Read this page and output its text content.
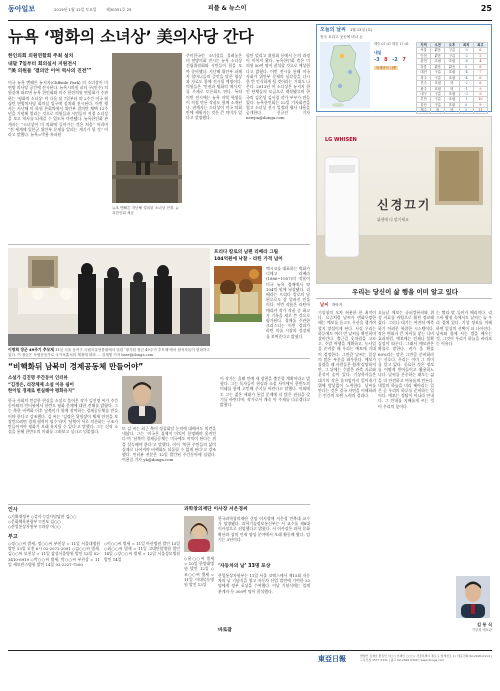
동아일보	2019년 1월 12일 토요일 제30351호 25	피플 & 뉴스이	25
뉴욕 ‘평화의 소녀상’ 美의사당 간다
한인의회 의원연합회 주최 설치
내달 7일부터 회의실서 지원전시
“美 의원들 ‘결의안 이어 역사의 진전’”
미국 뉴욕 맨해튼 뉴저지(Cliffside Park) 의 소녀상이 미 연방 의사당 공간에 전시된다. 뉴욕시의원 피터 구(민주) 의원실에 따르면 뉴욕 한인회와 미주 한인의원 연합회가 주관하는 ‘평화의 소녀상’ 이 다음 달 7일부터 약 2주간 미국 워싱턴 연방의사당 회의실 입구에 설치돼 전시된다. 이번 행사는 지난해 미 하원 본회의에서 위안부 결의안 채택 12주년을 기념해 열리는 것으로 의원들과 시민들이 직접 소녀상을 보고 역사를 되새길 수 있도록 마련됐다. 뉴욕한인회 관계자는 “소녀상이 미 의회에 들어가는 것은 처음” 이라며 “전 세계에 일본군 위안부 문제를 알리는 계기가 될 것” 이라고 말했다. 뉴욕=박용 특파원
뉴욕 맨해튼 지난해 설치된 소녀상 전경. 뉴욕한인회 제공
주미한국인 소녀상을 올려놓은 미 연방의회 전시는 뉴욕 소녀상 건립위원회와 시민들이 힘을 모아 준비했다. 지난해 위안부 피해자 할머니들의 증언을 담은 영상과 자료도 함께 전시될 예정이다. 의원들은 ‘인권과 평화의 메시지’ 를 주제로 토론회도 연다. 특히 이번 전시에는 뉴욕 지역 학생들이 직접 만든 작품도 함께 소개된다. 관계자는 소녀상이 미국 의회 안에 세워지는 것은 큰 의미가 있다고 설명했다.
될만 밀리고 위원회 등에서 논의 과정이 이어져 왔다. 뉴욕한인회 측은 미 의원 50여 명이 참석할 것으로 예상한다고 밝혔다. 이번 전시를 통해 미국 사회가 위안부 문제의 심각성을 다시 한 번 인식하게 될 것이라는 기대도 나온다. 2013년 이 소녀상은 뉴저지 한인 단체들의 모금으로 제작됐으며 한국의 김운성 김서경 작가 부부가 만들었다. 뉴욕한인회는 12일 기자회견을 열고 소녀상 전시 일정과 행사 내용을 공개한다. 신규진 기자 newjin@donga.com
이명희 장군 49주기 추모제 11일 서울 동작구 국립서울현충원에서 열린 ‘평가원 장군 49주기 추모제’에서 참석자들이 헌화하고 있다. 이 장군은 독립운동가로 국가보훈처의 제정에 따라 … 김재명 기자 base@donga.com
프리다 칼로의 남편 리베라 그림
104억원에 낙찰 – 라틴 가격 넘어
멕시코를 대표하는 벽화가 디에고 리베라(1886∼1957)의 작품이 미국 뉴욕 경매에서 약 104억 원에 낙찰됐다. 리베라는 프리다 칼로의 남편으로도 잘 알려진 인물이다. 이번 작품은 라틴아메리카 작가 작품 중 최고가 기록을 새로 쓴 것으로 평가된다. 경매를 주관한 크리스티는 이번 결과가 라틴 미술 시장의 성장세를 보여준다고 밝혔다.
“비핵화뒤 남북미 경제공동체 만들어야”
소설가 김진명 주간동이 인터뷰
“김정은, 리장체제 소설 이용 쉽어
한이일 경제로 변실해야 평화유지”
한국 사회의 민감한 현실을 소설로 풀어온 작가 김진명 씨가 주간동아와의 인터뷰에서 한반도 평화 문제에 대한 견해를 밝혔다. 그는 북한 비핵화 이후 남북미가 함께 참여하는 경제공동체를 만들어야 한다고 강조했다. 김 씨는 ‘김정은 위원장이 체제 안전을 보장받으려면 경제 협력이 필수’라며 ‘남북이 서로 의존하는 구조가 만들어져야 평화가 오래 유지될 수 있다’고 말했다. 그는 신작 소설을 통해 한반도의 미래를 그려보고 싶다고 덧붙였다.
또 김 씨는 최근 북미 정상회담 논의에 대해서도 의견을 내놨다. 그는 ‘미국은 경제적 이익이 분명해야 움직인다’며 ‘남북미 경제공동체는 미국에도 이익이 된다는 점을 설득해야 한다’고 말했다. 이어 ‘북한 주민들의 삶이 실제로 나아져야 비핵화도 되돌릴 수 없게 된다’고 강조했다. 인터뷰 전문은 12일 발간된 주간동아에 실렸다. 이용길 기자 yk@donga.com
이 작가는 올해 안에 새 장편을 출간할 계획이라고 밝혔다. 그는 독자들이 현실과 소설 사이에서 한반도의 미래를 함께 고민해 주기를 바란다고 말했다. 이외에도 그는 젊은 세대가 통일 문제에 더 많은 관심을 갖기를 바란다며, 작가로서 계속 이 주제를 다루겠다고 밝혔다.
인사
◇기획재정부 ◇감사 ▽감사담당관 김○○
◇문화체육관광부 ▽전보 김○○
◇산업통상자원부 ▽과장 이○○
부고
◇정○○씨 별세, 정○○씨 부친상 = 11일 서울대병원 발인 13일 오전 6시 02-2072-2091 ◇김○○씨 별세, 김○○씨 모친상 = 11일 삼성서울병원 발인 13일 02-3410-6919 ◇박○○씨 별세, 박○○씨 부친상 = 11일 세브란스병원 발인 14일 02-2227-7500
◇이○○씨 별세 = 11일 아산병원 발인 13일 ◇최○○씨 별세 = 11일 고대안암병원 발인 14일 ◇강○○씨 별세 = 12일 서울성모병원 발인 14일
과학창의재단 이사장 서은경씨
한국과학창의재단 신임 이사장에 서은경 전북대 교수가 임명됐다. 과학기술정보통신부는 서 교수를 제8대 이사장으로 선임했다고 밝혔다. 서 이사장은 과학 문화 확산과 창의 인재 양성 분야에서 오래 활동해 왔다. 임기는 3년이다.
◇윤○○씨 별세 = 10일 한양대병원 발인 12일 ◇조○○씨 별세 = 11일 이대목동병원 발인 13일
‘자동차의 날’ 33명 포상
산업통상자원부는 11일 서울 코엑스에서 제15회 자동차의 날 기념식을 열고 자동차 산업 발전에 기여한 33명에게 정부 포상을 수여했다. 이날 기념식에는 업계 관계자 등 300여 명이 참석했다.
바로잡
오늘의 날씨 1월 12일 (토)
전국 흐리고 곳곳에 비나 눈
해뜸 07:47 해짐 17:41
내일
-3 8 -2 7
미세먼지 나쁨
지역	오전	오후	최저	최고
서울	맑음	구름	-3	6
인천	맑음	구름	-2	5
춘천	흐림	흐림	-8	4
강릉	맑음	맑음	0	8
대전	구름	흐림	-4	7
청주	구름	흐림	-4	6
전주	흐림	비	-2	8
광주	흐림	비	-1	9
대구	구름	흐림	-3	9
부산	구름	흐림	1	10
울산	구름	흐림	0	9
제주	비	비	5	11
LG WHISEN
신경끄기
휘센에 다 맡기세요
우리는 당신이 삶 행을 이미 알고 있다
날씨 허아거
기상청의 오차 허용한 한 최적이다. 요즘처럼 날씨가 변화무쌍한 때는 예보를 듣고도 우산을 챙겨야 할지 망설이게 된다. 사실 우리는 하루에도 여러 번 날씨를 확인하며 살아간다. 출근길 옷차림을 고르고, 주말 여행을 계획하고, 농사일을 준비할 때 우리는 예보에 기대어 결정한다. 그만큼 날씨는 일상의 많은 부분을 좌우한다. 예보가 틀렸을 때 사람들은 쉽게 실망하지만, 그 뒤에는 수많은 관측 자료와 분석이 숨어 있다. 기상학자들은 대기의 작은 움직임까지 읽어내기 위해 밤낮없이 노력한다. 날씨를 안다는 것은 결국 자연을 이해하려는 인간의 오랜 노력의 결과다.
오늘날 예보는 슈퍼컴퓨터와 위성 자료를 바탕으로 훨씬 정교해졌다. 그러나 대기는 여전히 예측하기 어려운 복잡한 시스템이다. 작은 변화가 큰 차이를 낳는 나비효과처럼, 예보에는 언제나 불확실성이 따른다. 그래서 예보관은 확률로 말한다. 비가 올 확률 60%라는 말은 그만큼 준비하라는 신호다. 우리는 이미 그 의미를 알고 있다. 중요한 것은 정보를 어떻게 받아들이고 활용하느냐다. 날씨를 존중하는 태도는 삶을 더 안전하고 여유롭게 만든다. 내일의 하늘을 미리 헤아리는 일은 곧 우리의 하루를 준비하는 일이다. 예보는 정답이 아니라 안내다. 그 안내를 지혜롭게 쓰는 것이 우리의 몫이다.
는 빨리 말 들이가 헤리미다. 리스바 왕점 속에서도 날씨는 늘 우리 곁에 있다. 기상 정보를 이해하면 일상의 선택이 더 나아진다. 날씨와 함께 사는 법을 배우는 것, 그것이 우리가 하늘을 바라보는 이유다.
김 동 식
기상청 예보관
東亞日報	발행인 김재호 편집인 이○○ 인쇄인 ○○○ | 서울특별시 종로구 청계천로 1 | 대표전화 02-2020-0114 | 구독신청 1577-3131 | 광고 02-2020-0300 | www.donga.com
